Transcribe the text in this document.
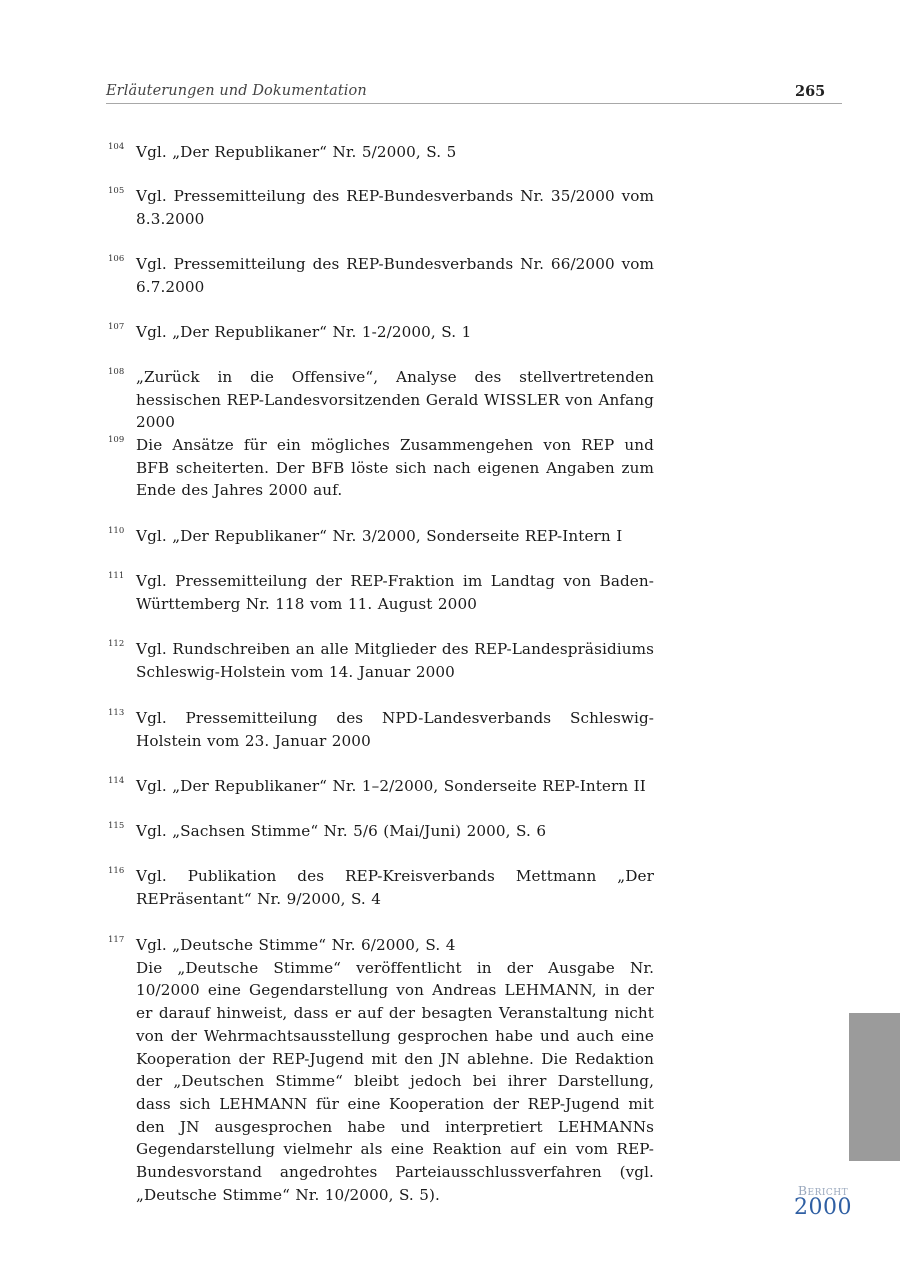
Erläuterungen und Dokumentation	265
104 Vgl. „Der Republikaner“ Nr. 5/2000, S. 5
105 Vgl. Pressemitteilung des REP-Bundesverbands Nr. 35/2000 vom 8.3.2000
106 Vgl. Pressemitteilung des REP-Bundesverbands Nr. 66/2000 vom 6.7.2000
107 Vgl. „Der Republikaner“ Nr. 1-2/2000, S. 1
108 „Zurück in die Offensive“, Analyse des stellvertretenden hessischen REP-Landesvorsitzenden Gerald WISSLER von Anfang 2000
109 Die Ansätze für ein mögliches Zusammengehen von REP und BFB scheiterten. Der BFB löste sich nach eigenen Angaben zum Ende des Jahres 2000 auf.
110 Vgl. „Der Republikaner“ Nr. 3/2000, Sonderseite REP-Intern I
111 Vgl. Pressemitteilung der REP-Fraktion im Landtag von Baden-Württemberg Nr. 118 vom 11. August 2000
112 Vgl. Rundschreiben an alle Mitglieder des REP-Landespräsidiums Schleswig-Holstein vom 14. Januar 2000
113 Vgl. Pressemitteilung des NPD-Landesverbands Schleswig-Holstein vom 23. Januar 2000
114 Vgl. „Der Republikaner“ Nr. 1–2/2000, Sonderseite REP-Intern II
115 Vgl. „Sachsen Stimme“ Nr. 5/6 (Mai/Juni) 2000, S. 6
116 Vgl. Publikation des REP-Kreisverbands Mettmann „Der REPräsentant“ Nr. 9/2000, S. 4
117 Vgl. „Deutsche Stimme“ Nr. 6/2000, S. 4
Die „Deutsche Stimme“ veröffentlicht in der Ausgabe Nr. 10/2000 eine Gegendarstellung von Andreas LEHMANN, in der er darauf hinweist, dass er auf der besagten Veranstaltung nicht von der Wehrmachtsausstellung gesprochen habe und auch eine Kooperation der REP-Jugend mit den JN ablehne. Die Redaktion der „Deutschen Stimme“ bleibt jedoch bei ihrer Darstellung, dass sich LEHMANN für eine Kooperation der REP-Jugend mit den JN ausgesprochen habe und interpretiert LEHMANNs Gegendarstellung vielmehr als eine Reaktion auf ein vom REP-Bundesvorstand angedrohtes Parteiausschlussverfahren (vgl. „Deutsche Stimme“ Nr. 10/2000, S. 5).	Bericht
2000
